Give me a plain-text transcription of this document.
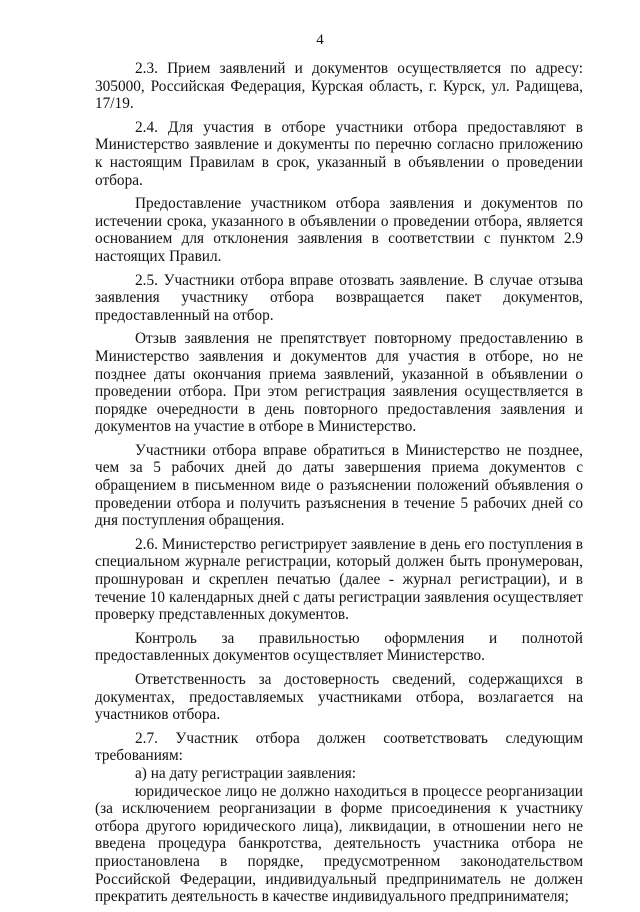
4

2.3. Прием заявлений и документов осуществляется по адресу: 305000, Российская Федерация, Курская область, г. Курск, ул. Радищева, 17/19.

2.4. Для участия в отборе участники отбора предоставляют в Министерство заявление и документы по перечню согласно приложению к настоящим Правилам в срок, указанный в объявлении о проведении отбора.

Предоставление участником отбора заявления и документов по истечении срока, указанного в объявлении о проведении отбора, является основанием для отклонения заявления в соответствии с пунктом 2.9 настоящих Правил.

2.5. Участники отбора вправе отозвать заявление. В случае отзыва заявления участнику отбора возвращается пакет документов, предоставленный на отбор.

Отзыв заявления не препятствует повторному предоставлению в Министерство заявления и документов для участия в отборе, но не позднее даты окончания приема заявлений, указанной в объявлении о проведении отбора. При этом регистрация заявления осуществляется в порядке очередности в день повторного предоставления заявления и документов на участие в отборе в Министерство.

Участники отбора вправе обратиться в Министерство не позднее, чем за 5 рабочих дней до даты завершения приема документов с обращением в письменном виде о разъяснении положений объявления о проведении отбора и получить разъяснения в течение 5 рабочих дней со дня поступления обращения.

2.6. Министерство регистрирует заявление в день его поступления в специальном журнале регистрации, который должен быть пронумерован, прошнурован и скреплен печатью (далее - журнал регистрации), и в течение 10 календарных дней с даты регистрации заявления осуществляет проверку представленных документов.

Контроль за правильностью оформления и полнотой предоставленных документов осуществляет Министерство.

Ответственность за достоверность сведений, содержащихся в документах, предоставляемых участниками отбора, возлагается на участников отбора.

2.7. Участник отбора должен соответствовать следующим требованиям:

а) на дату регистрации заявления:

юридическое лицо не должно находиться в процессе реорганизации (за исключением реорганизации в форме присоединения к участнику отбора другого юридического лица), ликвидации, в отношении него не введена процедура банкротства, деятельность участника отбора не приостановлена в порядке, предусмотренном законодательством Российской Федерации, индивидуальный предприниматель не должен прекратить деятельность в качестве индивидуального предпринимателя;
